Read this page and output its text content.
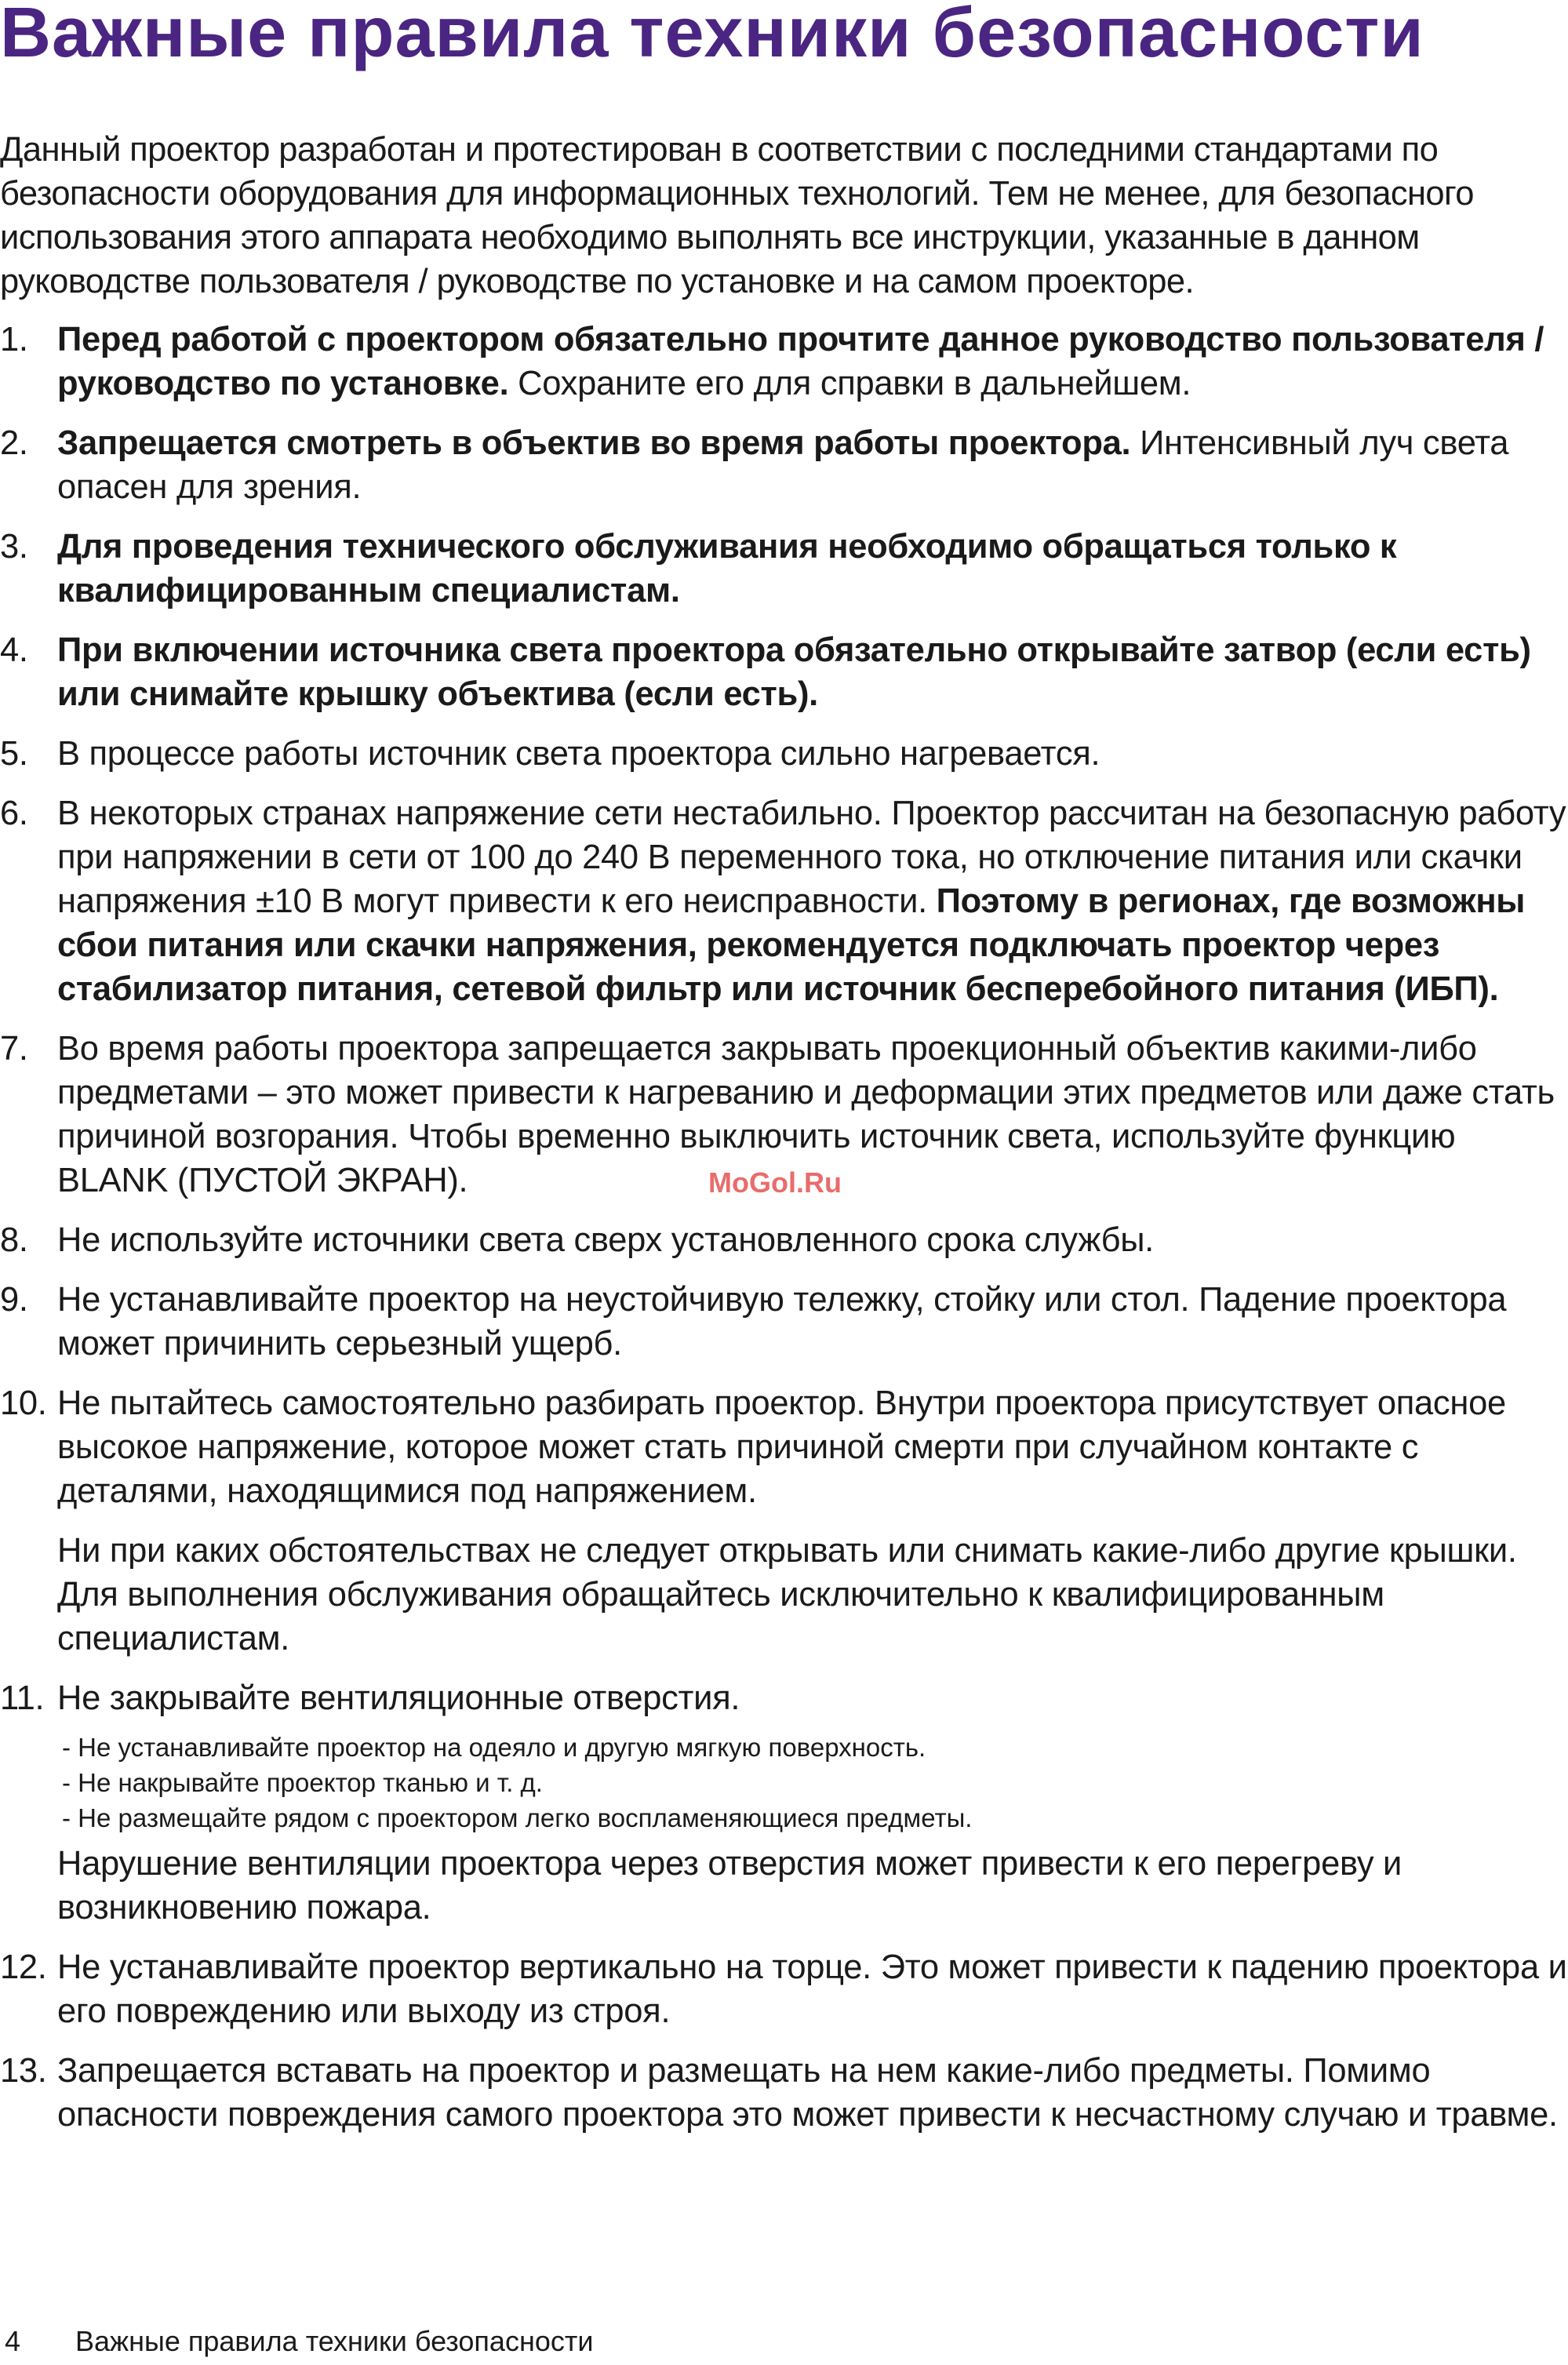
Важные правила техники безопасности

Данный проектор разработан и протестирован в соответствии с последними стандартами по безопасности оборудования для информационных технологий. Тем не менее, для безопасного использования этого аппарата необходимо выполнять все инструкции, указанные в данном руководстве пользователя / руководстве по установке и на самом проекторе.

1. Перед работой с проектором обязательно прочтите данное руководство пользователя / руководство по установке. Сохраните его для справки в дальнейшем.
2. Запрещается смотреть в объектив во время работы проектора. Интенсивный луч света опасен для зрения.
3. Для проведения технического обслуживания необходимо обращаться только к квалифицированным специалистам.
4. При включении источника света проектора обязательно открывайте затвор (если есть) или снимайте крышку объектива (если есть).
5. В процессе работы источник света проектора сильно нагревается.
6. В некоторых странах напряжение сети нестабильно. Проектор рассчитан на безопасную работу при напряжении в сети от 100 до 240 В переменного тока, но отключение питания или скачки напряжения ±10 В могут привести к его неисправности. Поэтому в регионах, где возможны сбои питания или скачки напряжения, рекомендуется подключать проектор через стабилизатор питания, сетевой фильтр или источник бесперебойного питания (ИБП).
7. Во время работы проектора запрещается закрывать проекционный объектив какими-либо предметами – это может привести к нагреванию и деформации этих предметов или даже стать причиной возгорания. Чтобы временно выключить источник света, используйте функцию BLANK (ПУСТОЙ ЭКРАН).
8. Не используйте источники света сверх установленного срока службы.
9. Не устанавливайте проектор на неустойчивую тележку, стойку или стол. Падение проектора может причинить серьезный ущерб.
10. Не пытайтесь самостоятельно разбирать проектор. Внутри проектора присутствует опасное высокое напряжение, которое может стать причиной смерти при случайном контакте с деталями, находящимися под напряжением.
Ни при каких обстоятельствах не следует открывать или снимать какие-либо другие крышки. Для выполнения обслуживания обращайтесь исключительно к квалифицированным специалистам.
11. Не закрывайте вентиляционные отверстия.
- Не устанавливайте проектор на одеяло и другую мягкую поверхность.
- Не накрывайте проектор тканью и т. д.
- Не размещайте рядом с проектором легко воспламеняющиеся предметы.
Нарушение вентиляции проектора через отверстия может привести к его перегреву и возникновению пожара.
12. Не устанавливайте проектор вертикально на торце. Это может привести к падению проектора и его повреждению или выходу из строя.
13. Запрещается вставать на проектор и размещать на нем какие-либо предметы. Помимо опасности повреждения самого проектора это может привести к несчастному случаю и травме.
MoGol.Ru
4 Важные правила техники безопасности
